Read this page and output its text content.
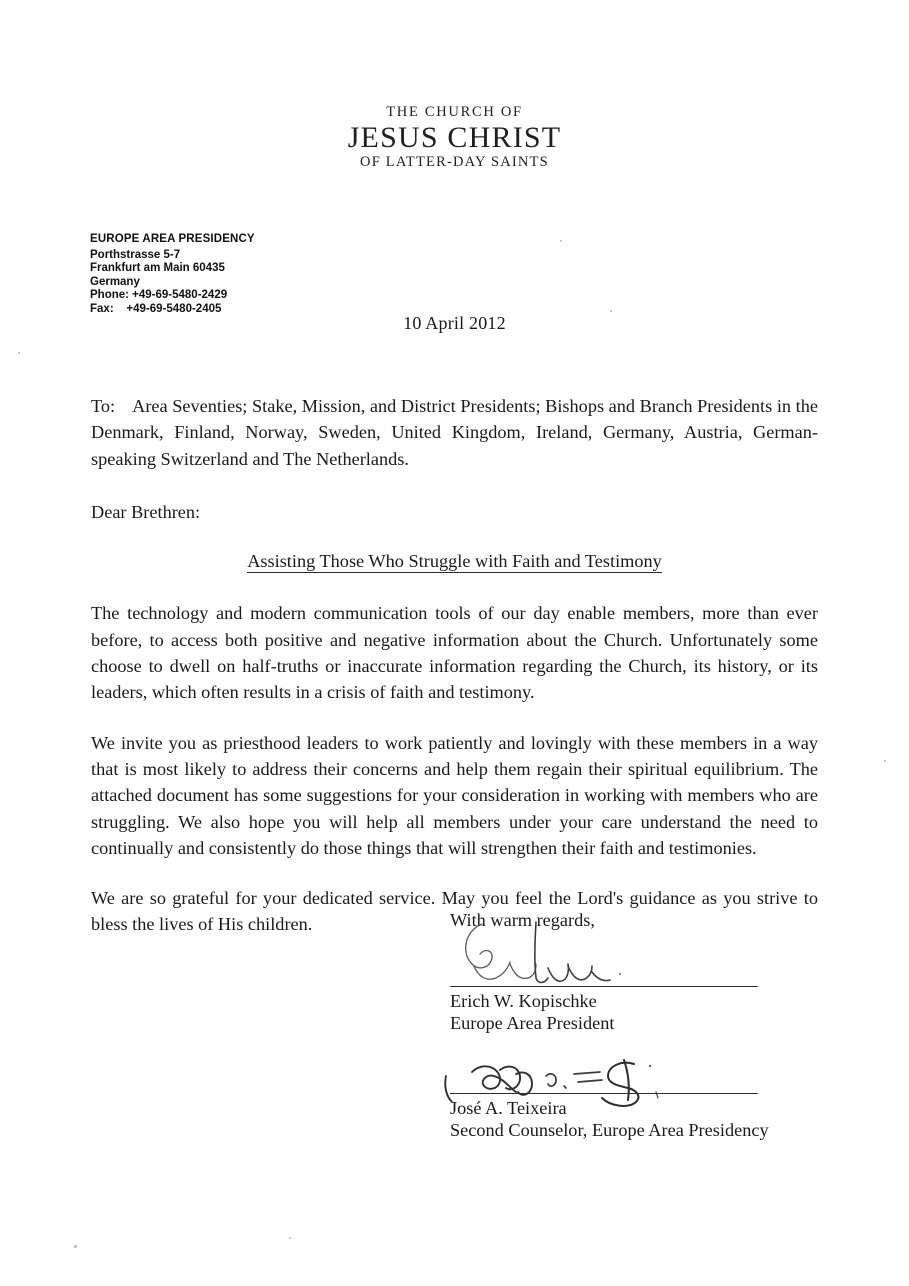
THE CHURCH OF
JESUS CHRIST
OF LATTER-DAY SAINTS
EUROPE AREA PRESIDENCY
Porthstrasse 5-7
Frankfurt am Main 60435
Germany
Phone: +49-69-5480-2429
Fax:    +49-69-5480-2405
10 April 2012

To: Area Seventies; Stake, Mission, and District Presidents; Bishops and Branch Presidents in the Denmark, Finland, Norway, Sweden, United Kingdom, Ireland, Germany, Austria, German-speaking Switzerland and The Netherlands.

Dear Brethren:

Assisting Those Who Struggle with Faith and Testimony

The technology and modern communication tools of our day enable members, more than ever before, to access both positive and negative information about the Church. Unfortunately some choose to dwell on half-truths or inaccurate information regarding the Church, its history, or its leaders, which often results in a crisis of faith and testimony.

We invite you as priesthood leaders to work patiently and lovingly with these members in a way that is most likely to address their concerns and help them regain their spiritual equilibrium. The attached document has some suggestions for your consideration in working with members who are struggling. We also hope you will help all members under your care understand the need to continually and consistently do those things that will strengthen their faith and testimonies.

We are so grateful for your dedicated service. May you feel the Lord's guidance as you strive to bless the lives of His children.	With warm regards,
Erich W. Kopischke
Europe Area President
José A. Teixeira
Second Counselor, Europe Area Presidency
